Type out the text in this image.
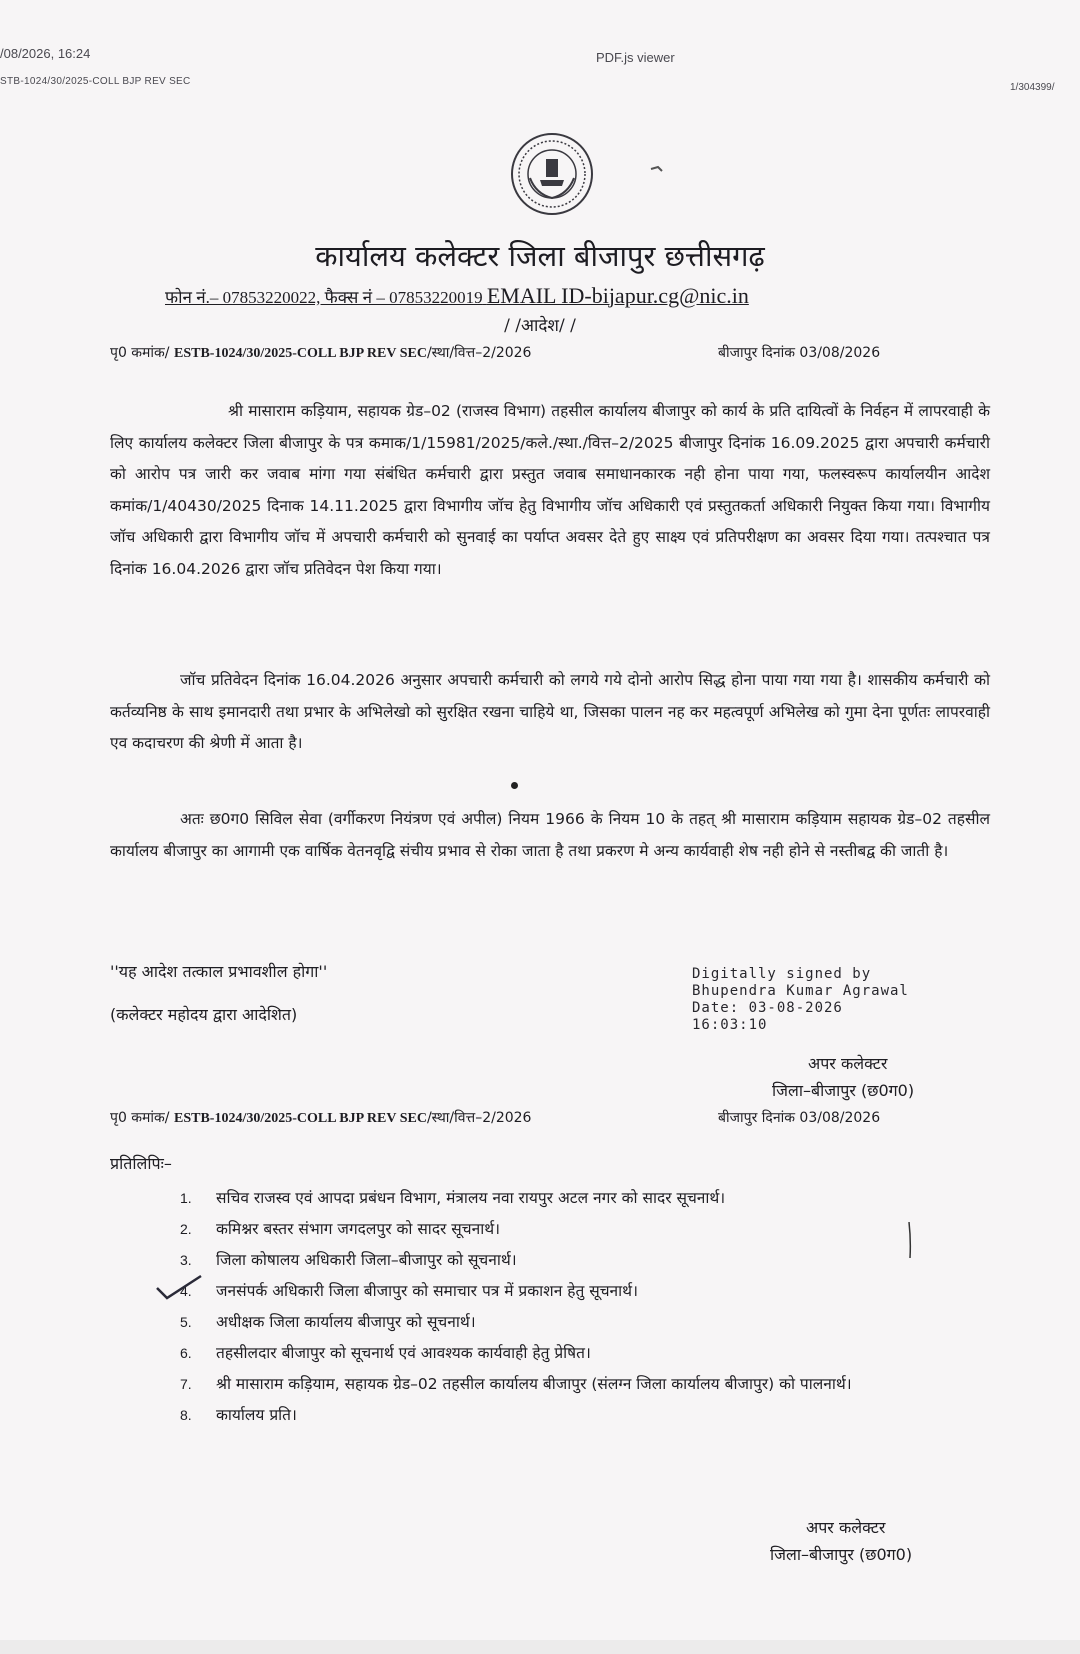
/08/2026, 16:24	PDF.js viewer
STB-1024/30/2025-COLL BJP REV SEC
1/304399/
कार्यालय कलेक्टर जिला बीजापुर छत्तीसगढ़
फोन नं.– 07853220022, फैक्स नं – 07853220019 EMAIL ID-bijapur.cg@nic.in
/ /आदेश/ /
पृ0 कमांक/ ESTB-1024/30/2025-COLL BJP REV SEC/स्था/वित्त–2/2026	बीजापुर दिनांक 03/08/2026

श्री मासाराम कड़ियाम, सहायक ग्रेड–02 (राजस्व विभाग) तहसील कार्यालय बीजापुर को कार्य के प्रति दायित्वों के निर्वहन में लापरवाही के लिए कार्यालय कलेक्टर जिला बीजापुर के पत्र कमाक/1/15981/2025/कले./स्था./वित्त–2/2025 बीजापुर दिनांक 16.09.2025 द्वारा अपचारी कर्मचारी को आरोप पत्र जारी कर जवाब मांगा गया संबंधित कर्मचारी द्वारा प्रस्तुत जवाब समाधानकारक नही होना पाया गया, फलस्वरूप कार्यालयीन आदेश कमांक/1/40430/2025 दिनाक 14.11.2025 द्वारा विभागीय जॉच हेतु विभागीय जॉच अधिकारी एवं प्रस्तुतकर्ता अधिकारी नियुक्त किया गया। विभागीय जॉच अधिकारी द्वारा विभागीय जॉच में अपचारी कर्मचारी को सुनवाई का पर्याप्त अवसर देते हुए साक्ष्य एवं प्रतिपरीक्षण का अवसर दिया गया। तत्पश्चात पत्र दिनांक 16.04.2026 द्वारा जॉच प्रतिवेदन पेश किया गया।

जॉच प्रतिवेदन दिनांक 16.04.2026 अनुसार अपचारी कर्मचारी को लगये गये दोनो आरोप सिद्ध होना पाया गया गया है। शासकीय कर्मचारी को कर्तव्यनिष्ठ के साथ इमानदारी तथा प्रभार के अभिलेखो को सुरक्षित रखना चाहिये था, जिसका पालन नह कर महत्वपूर्ण अभिलेख को गुमा देना पूर्णतः लापरवाही एव कदाचरण की श्रेणी में आता है।

अतः छ0ग0 सिविल सेवा (वर्गीकरण नियंत्रण एवं अपील) नियम 1966 के नियम 10 के तहत् श्री मासाराम कड़ियाम सहायक ग्रेड–02 तहसील कार्यालय बीजापुर का आगामी एक वार्षिक वेतनवृद्वि संचीय प्रभाव से रोका जाता है तथा प्रकरण मे अन्य कार्यवाही शेष नही होने से नस्तीबद्व की जाती है।

''यह आदेश तत्काल प्रभावशील होगा''
(कलेक्टर महोदय द्वारा आदेशित)
Digitally signed by
Bhupendra Kumar Agrawal
Date: 03-08-2026
16:03:10
अपर कलेक्टर
जिला–बीजापुर (छ0ग0)
पृ0 कमांक/ ESTB-1024/30/2025-COLL BJP REV SEC/स्था/वित्त–2/2026	बीजापुर दिनांक 03/08/2026
प्रतिलिपिः–
1. सचिव राजस्व एवं आपदा प्रबंधन विभाग, मंत्रालय नवा रायपुर अटल नगर को सादर सूचनार्थ।
2. कमिश्नर बस्तर संभाग जगदलपुर को सादर सूचनार्थ।
3. जिला कोषालय अधिकारी जिला–बीजापुर को सूचनार्थ।
4. जनसंपर्क अधिकारी जिला बीजापुर को समाचार पत्र में प्रकाशन हेतु सूचनार्थ।
5. अधीक्षक जिला कार्यालय बीजापुर को सूचनार्थ।
6. तहसीलदार बीजापुर को सूचनार्थ एवं आवश्यक कार्यवाही हेतु प्रेषित।
7. श्री मासाराम कड़ियाम, सहायक ग्रेड–02 तहसील कार्यालय बीजापुर (संलग्न जिला कार्यालय बीजापुर) को पालनार्थ।
8. कार्यालय प्रति।
अपर कलेक्टर
जिला–बीजापुर (छ0ग0)
